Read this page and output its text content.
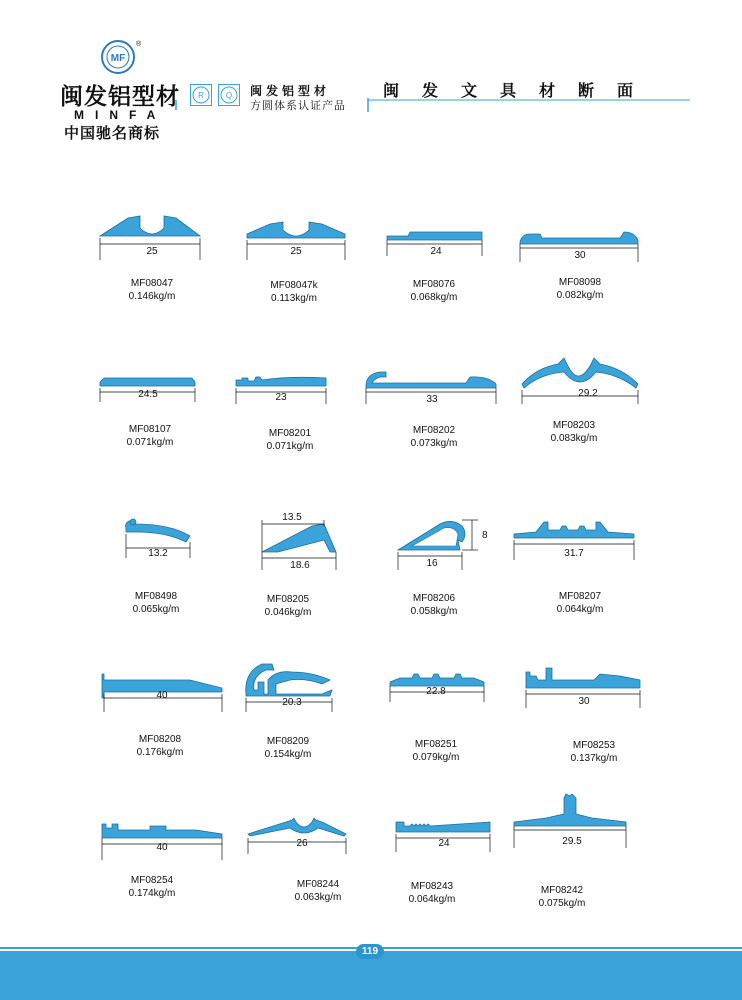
MF
®
闽发铝型材
MINFA
中国驰名商标
R	Q 闽发铝型材
方圆体系认证产品
闽发文具材断面
25	25	24	30
24.5	23	33
29.2
13.2
13.5
18.6	16
8
31.7
40
20.3
22.8
30
40	26	24	29.5
MF08047
0.146kg/m
MF08047k
0.113kg/m
MF08076
0.068kg/m
MF08098
0.082kg/m
MF08107
0.071kg/m
MF08201
0.071kg/m
MF08202
0.073kg/m
MF08203
0.083kg/m
MF08498
0.065kg/m
MF08205
0.046kg/m
MF08206
0.058kg/m
MF08207
0.064kg/m
MF08208
0.176kg/m
MF08209
0.154kg/m
MF08251
0.079kg/m
MF08253
0.137kg/m
MF08254
0.174kg/m
MF08244
0.063kg/m
MF08243
0.064kg/m
MF08242
0.075kg/m
119
